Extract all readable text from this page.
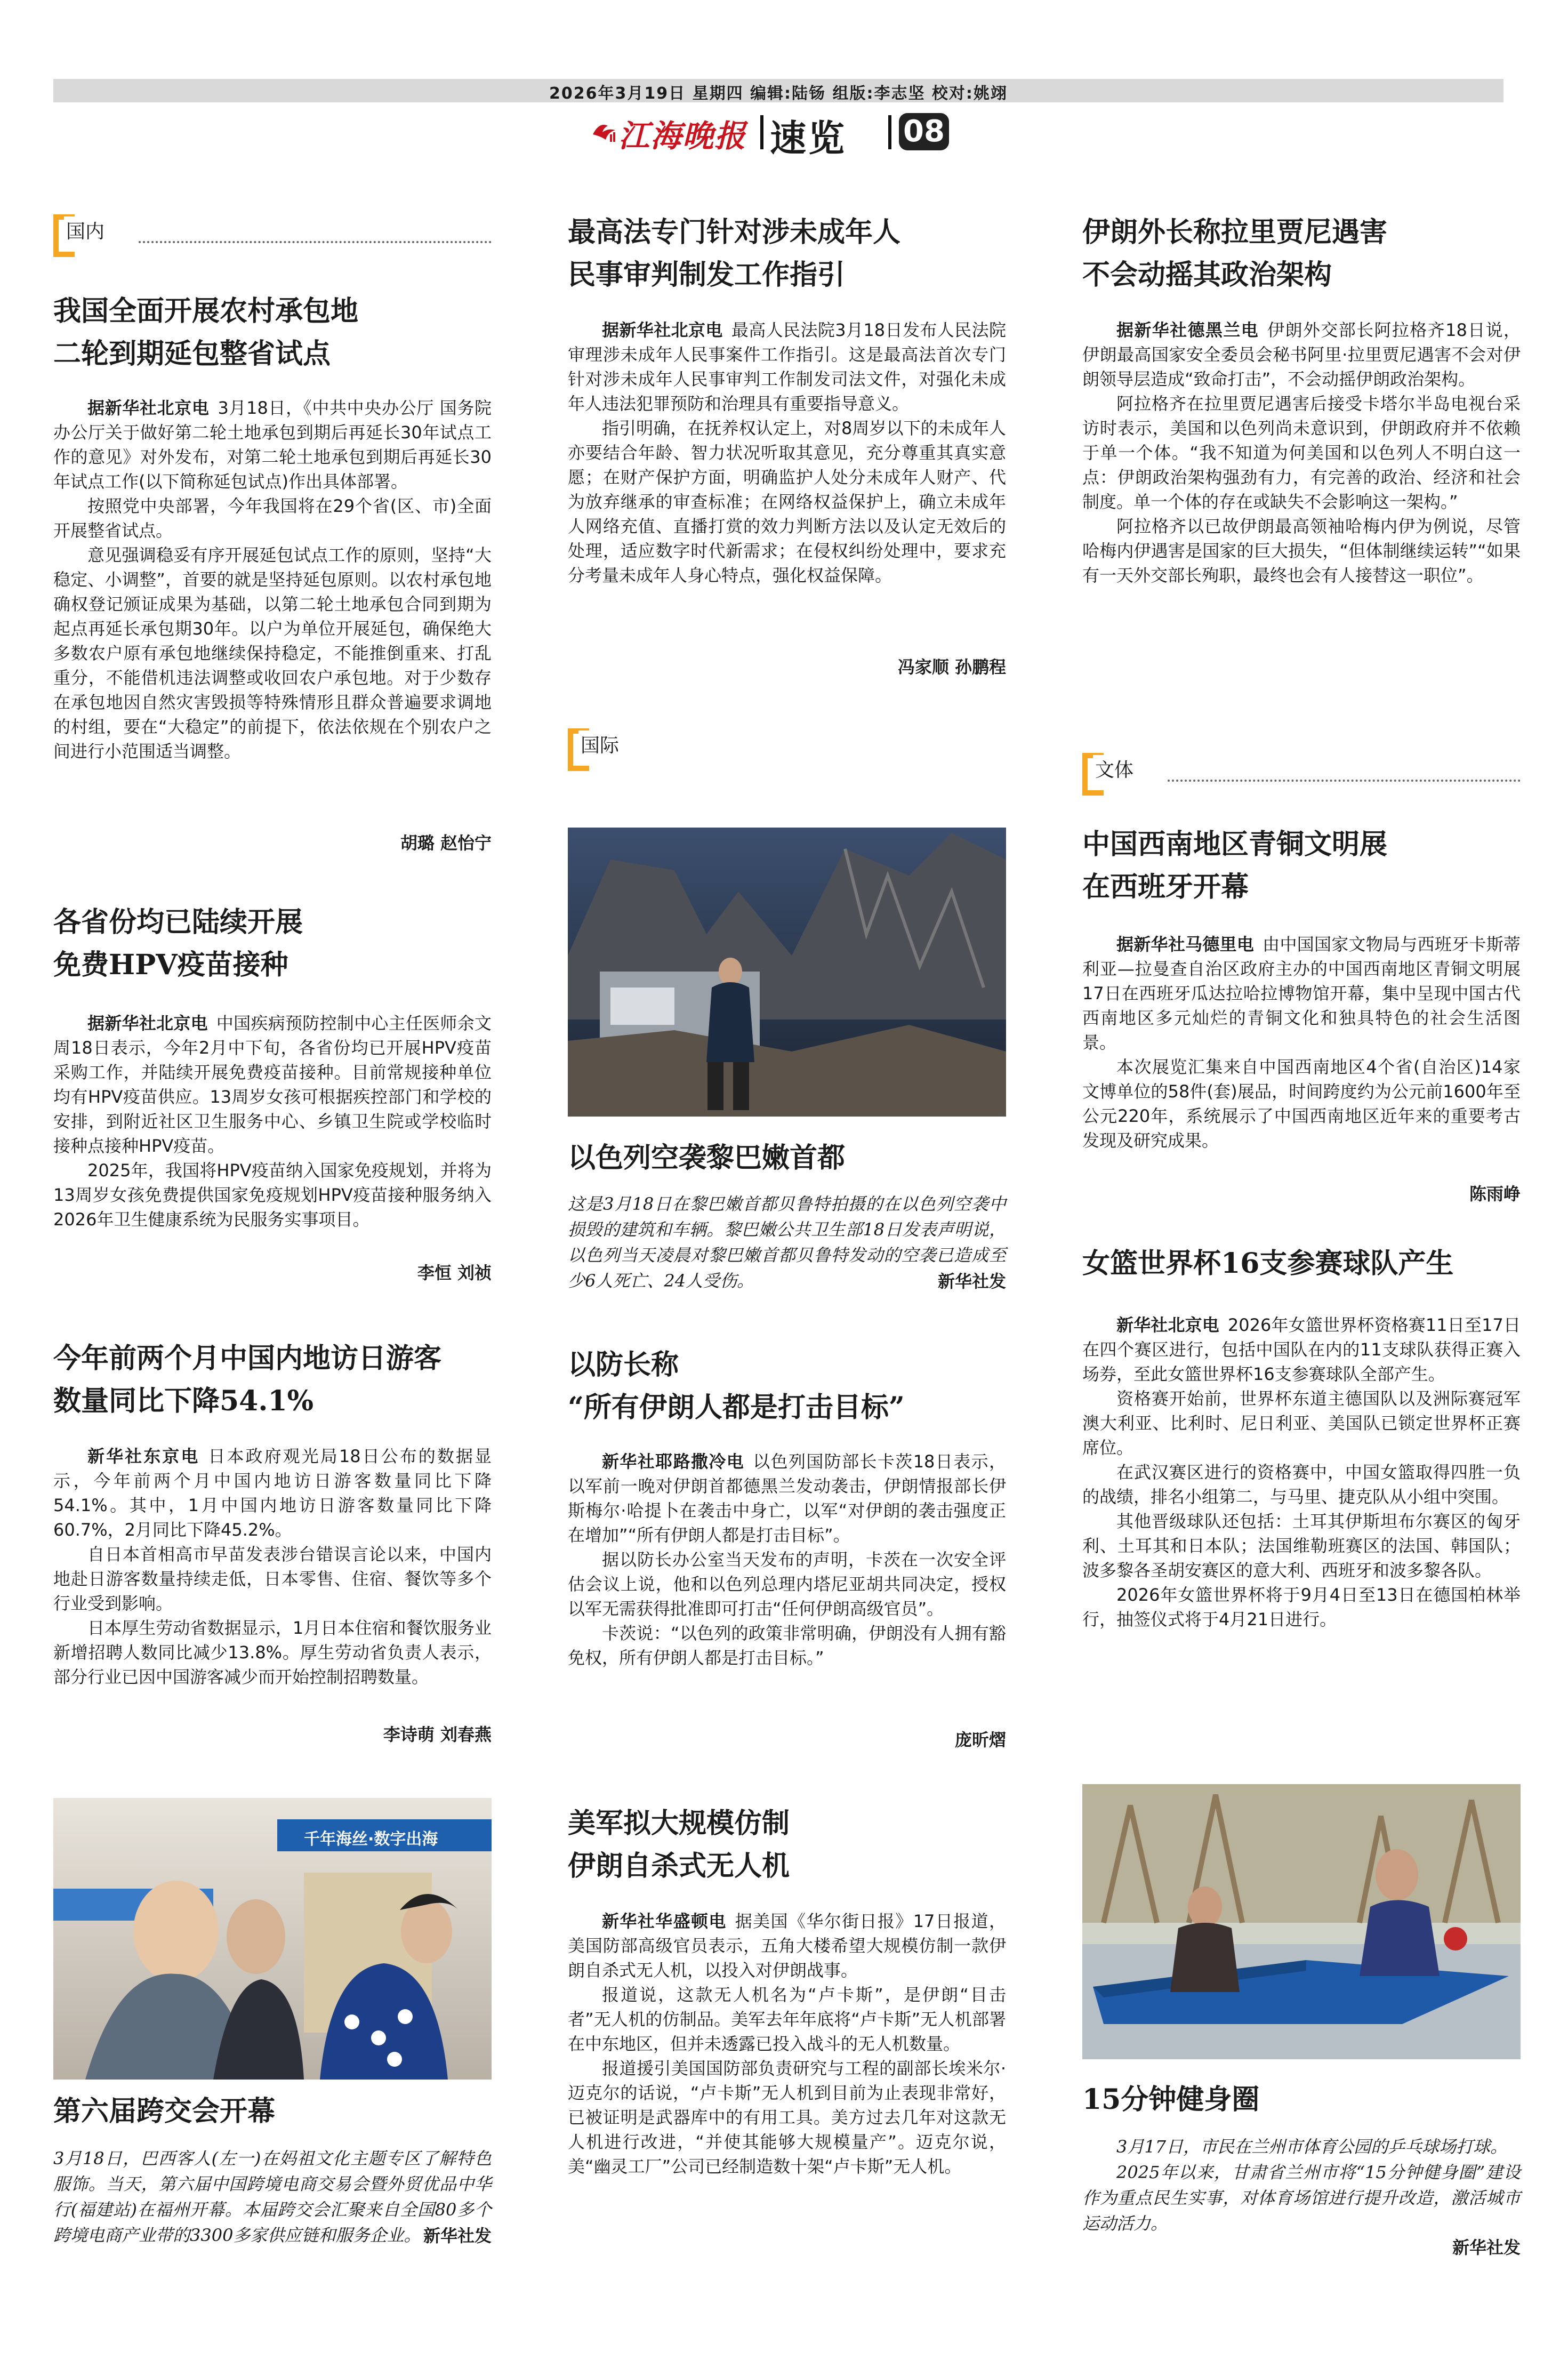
2026年3月19日 星期四 编辑:陆钖 组版:李志坚 校对:姚翊
江海晚报 速览 08
国内
我国全面开展农村承包地
二轮到期延包整省试点

据新华社北京电 3月18日，《中共中央办公厅 国务院办公厅关于做好第二轮土地承包到期后再延长30年试点工作的意见》对外发布，对第二轮土地承包到期后再延长30年试点工作(以下简称延包试点)作出具体部署。

按照党中央部署，今年我国将在29个省(区、市)全面开展整省试点。

意见强调稳妥有序开展延包试点工作的原则，坚持“大稳定、小调整”，首要的就是坚持延包原则。以农村承包地确权登记颁证成果为基础，以第二轮土地承包合同到期为起点再延长承包期30年。以户为单位开展延包，确保绝大多数农户原有承包地继续保持稳定，不能推倒重来、打乱重分，不能借机违法调整或收回农户承包地。对于少数存在承包地因自然灾害毁损等特殊情形且群众普遍要求调地的村组，要在“大稳定”的前提下，依法依规在个别农户之间进行小范围适当调整。

胡璐 赵怡宁
各省份均已陆续开展
免费HPV疫苗接种

据新华社北京电 中国疾病预防控制中心主任医师余文周18日表示，今年2月中下旬，各省份均已开展HPV疫苗采购工作，并陆续开展免费疫苗接种。目前常规接种单位均有HPV疫苗供应。13周岁女孩可根据疾控部门和学校的安排，到附近社区卫生服务中心、乡镇卫生院或学校临时接种点接种HPV疫苗。

2025年，我国将HPV疫苗纳入国家免疫规划，并将为13周岁女孩免费提供国家免疫规划HPV疫苗接种服务纳入2026年卫生健康系统为民服务实事项目。

李恒 刘祯
今年前两个月中国内地访日游客
数量同比下降54.1%

新华社东京电 日本政府观光局18日公布的数据显示，今年前两个月中国内地访日游客数量同比下降54.1%。其中，1月中国内地访日游客数量同比下降60.7%，2月同比下降45.2%。

自日本首相高市早苗发表涉台错误言论以来，中国内地赴日游客数量持续走低，日本零售、住宿、餐饮等多个行业受到影响。

日本厚生劳动省数据显示，1月日本住宿和餐饮服务业新增招聘人数同比减少13.8%。厚生劳动省负责人表示，部分行业已因中国游客减少而开始控制招聘数量。

李诗萌 刘春燕
千年海丝·数字出海
第六届跨交会开幕
3月18日，巴西客人(左一)在妈祖文化主题专区了解特色服饰。当天，第六届中国跨境电商交易会暨外贸优品中华行(福建站)在福州开幕。本届跨交会汇聚来自全国80多个跨境电商产业带的3300多家供应链和服务企业。 新华社发
最高法专门针对涉未成年人
民事审判制发工作指引

据新华社北京电 最高人民法院3月18日发布人民法院审理涉未成年人民事案件工作指引。这是最高法首次专门针对涉未成年人民事审判工作制发司法文件，对强化未成年人违法犯罪预防和治理具有重要指导意义。

指引明确，在抚养权认定上，对8周岁以下的未成年人亦要结合年龄、智力状况听取其意见，充分尊重其真实意愿；在财产保护方面，明确监护人处分未成年人财产、代为放弃继承的审查标准；在网络权益保护上，确立未成年人网络充值、直播打赏的效力判断方法以及认定无效后的处理，适应数字时代新需求；在侵权纠纷处理中，要求充分考量未成年人身心特点，强化权益保障。

冯家顺 孙鹏程
国际
以色列空袭黎巴嫩首都
这是3月18日在黎巴嫩首都贝鲁特拍摄的在以色列空袭中损毁的建筑和车辆。黎巴嫩公共卫生部18日发表声明说，以色列当天凌晨对黎巴嫩首都贝鲁特发动的空袭已造成至少6人死亡、24人受伤。	新华社发
以防长称
“所有伊朗人都是打击目标”

新华社耶路撒冷电 以色列国防部长卡茨18日表示，以军前一晚对伊朗首都德黑兰发动袭击，伊朗情报部长伊斯梅尔·哈提卜在袭击中身亡，以军“对伊朗的袭击强度正在增加”“所有伊朗人都是打击目标”。

据以防长办公室当天发布的声明，卡茨在一次安全评估会议上说，他和以色列总理内塔尼亚胡共同决定，授权以军无需获得批准即可打击“任何伊朗高级官员”。

卡茨说：“以色列的政策非常明确，伊朗没有人拥有豁免权，所有伊朗人都是打击目标。”

庞昕熠
美军拟大规模仿制
伊朗自杀式无人机

新华社华盛顿电 据美国《华尔街日报》17日报道，美国防部高级官员表示，五角大楼希望大规模仿制一款伊朗自杀式无人机，以投入对伊朗战事。

报道说，这款无人机名为“卢卡斯”，是伊朗“目击者”无人机的仿制品。美军去年年底将“卢卡斯”无人机部署在中东地区，但并未透露已投入战斗的无人机数量。

报道援引美国国防部负责研究与工程的副部长埃米尔·迈克尔的话说，“卢卡斯”无人机到目前为止表现非常好，已被证明是武器库中的有用工具。美方过去几年对这款无人机进行改进，“并使其能够大规模量产”。迈克尔说，美“幽灵工厂”公司已经制造数十架“卢卡斯”无人机。

伊朗外长称拉里贾尼遇害
不会动摇其政治架构

据新华社德黑兰电 伊朗外交部长阿拉格齐18日说，伊朗最高国家安全委员会秘书阿里·拉里贾尼遇害不会对伊朗领导层造成“致命打击”，不会动摇伊朗政治架构。

阿拉格齐在拉里贾尼遇害后接受卡塔尔半岛电视台采访时表示，美国和以色列尚未意识到，伊朗政府并不依赖于单一个体。“我不知道为何美国和以色列人不明白这一点：伊朗政治架构强劲有力，有完善的政治、经济和社会制度。单一个体的存在或缺失不会影响这一架构。”

阿拉格齐以已故伊朗最高领袖哈梅内伊为例说，尽管哈梅内伊遇害是国家的巨大损失，“但体制继续运转”“如果有一天外交部长殉职，最终也会有人接替这一职位”。

文体
中国西南地区青铜文明展
在西班牙开幕

据新华社马德里电 由中国国家文物局与西班牙卡斯蒂利亚—拉曼查自治区政府主办的中国西南地区青铜文明展17日在西班牙瓜达拉哈拉博物馆开幕，集中呈现中国古代西南地区多元灿烂的青铜文化和独具特色的社会生活图景。

本次展览汇集来自中国西南地区4个省(自治区)14家文博单位的58件(套)展品，时间跨度约为公元前1600年至公元220年，系统展示了中国西南地区近年来的重要考古发现及研究成果。

陈雨峥
女篮世界杯16支参赛球队产生

新华社北京电 2026年女篮世界杯资格赛11日至17日在四个赛区进行，包括中国队在内的11支球队获得正赛入场券，至此女篮世界杯16支参赛球队全部产生。

资格赛开始前，世界杯东道主德国队以及洲际赛冠军澳大利亚、比利时、尼日利亚、美国队已锁定世界杯正赛席位。

在武汉赛区进行的资格赛中，中国女篮取得四胜一负的战绩，排名小组第二，与马里、捷克队从小组中突围。

其他晋级球队还包括：土耳其伊斯坦布尔赛区的匈牙利、土耳其和日本队；法国维勒班赛区的法国、韩国队；波多黎各圣胡安赛区的意大利、西班牙和波多黎各队。

2026年女篮世界杯将于9月4日至13日在德国柏林举行，抽签仪式将于4月21日进行。

15分钟健身圈

3月17日，市民在兰州市体育公园的乒乓球场打球。

2025年以来，甘肃省兰州市将“15分钟健身圈”建设作为重点民生实事，对体育场馆进行提升改造，激活城市运动活力。

新华社发
